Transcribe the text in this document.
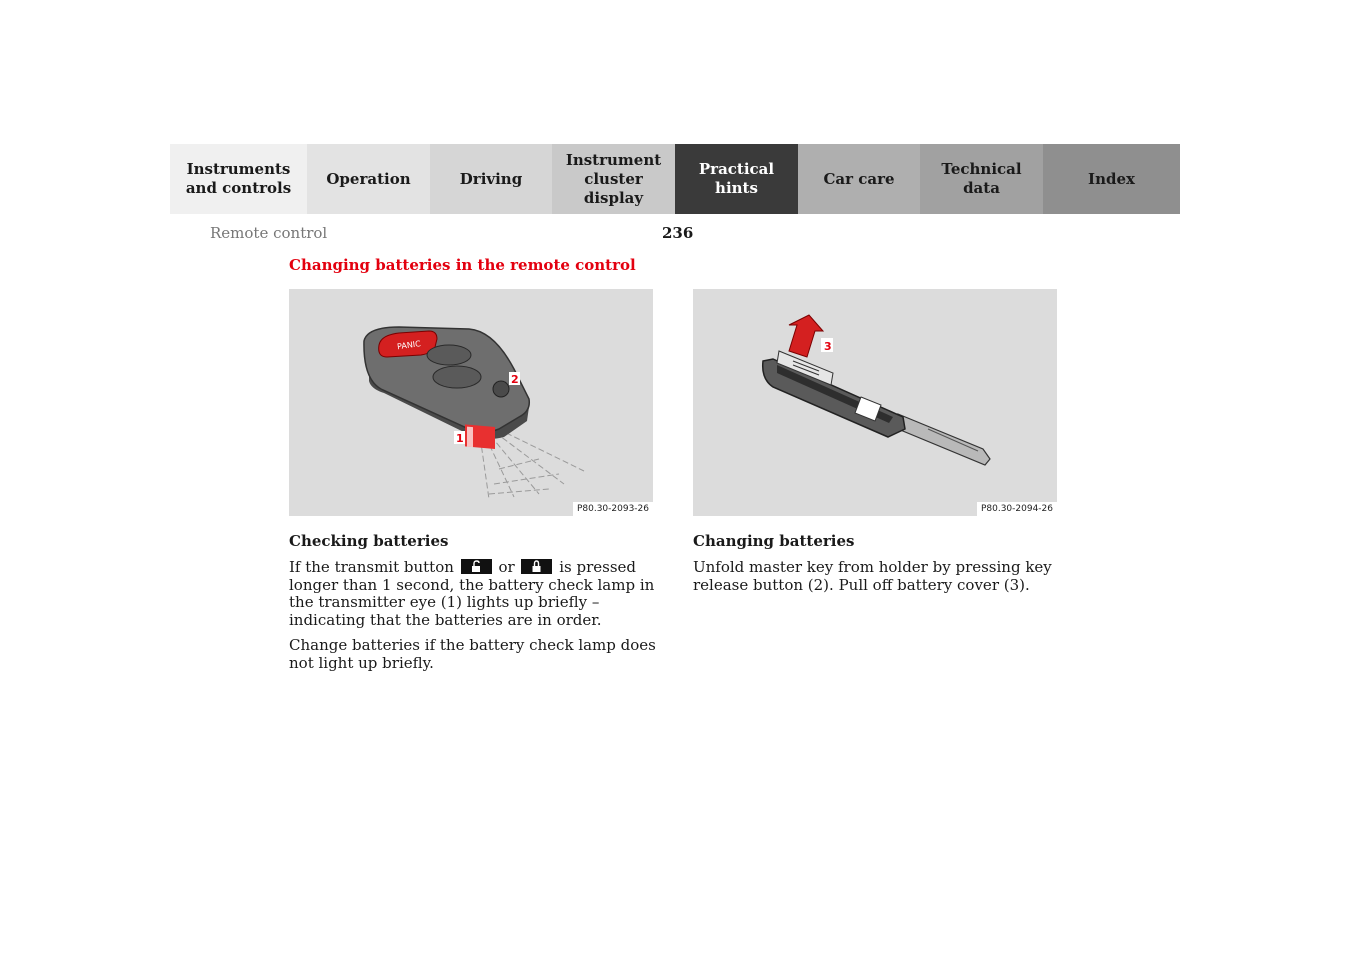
Instruments
and controls
Operation	Driving
Instrument
cluster display
Practical hints
Car care
Technical
data
Index
Remote control	236
Changing batteries in the remote control
PANIC
2
1
P80.30-2093-26
3
P80.30-2094-26
Checking batteries

If the transmit button	or	is pressed longer than 1 second, the battery check lamp in the transmitter eye (1) lights up briefly – indicating that the batteries are in order.

Change batteries if the battery check lamp does not light up briefly.

Changing batteries

Unfold master key from holder by pressing key release button (2). Pull off battery cover (3).
